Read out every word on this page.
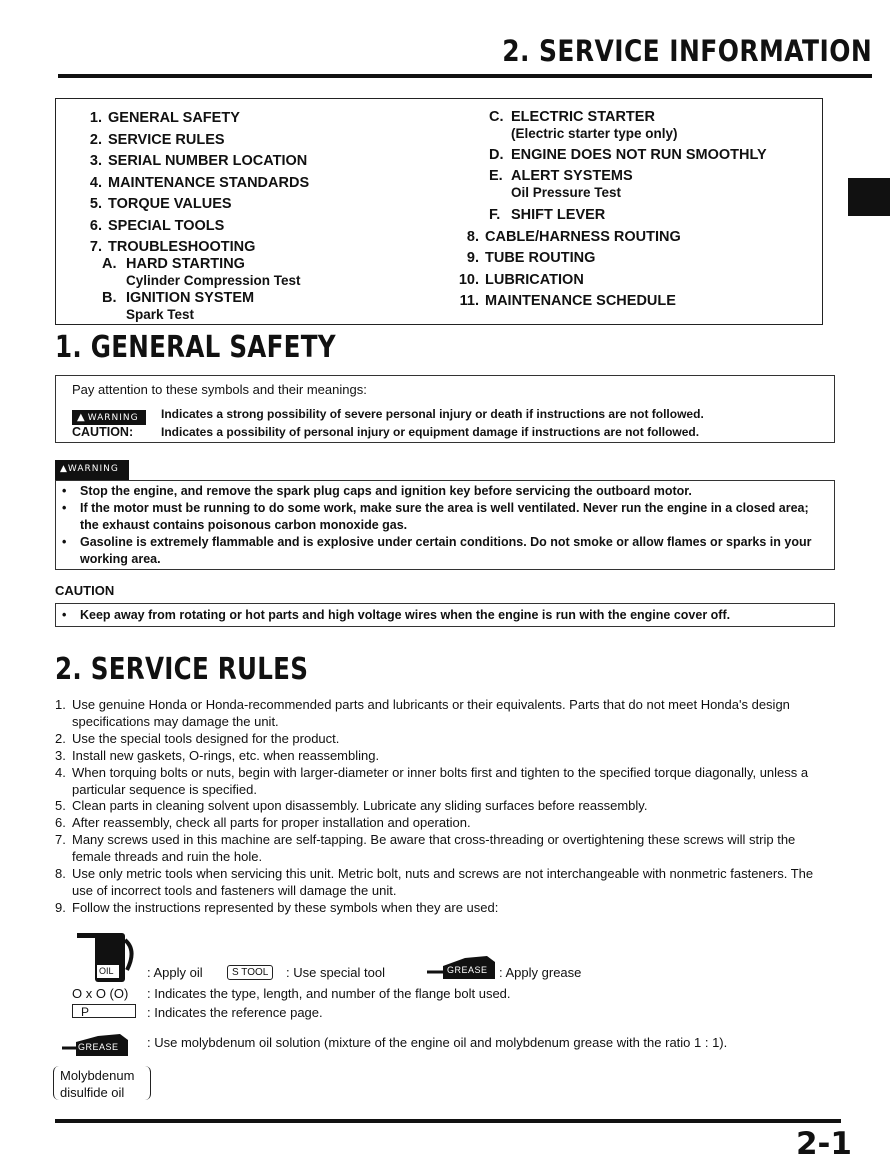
2. SERVICE INFORMATION
1. GENERAL SAFETY
2. SERVICE RULES
3. SERIAL NUMBER LOCATION
4. MAINTENANCE STANDARDS
5. TORQUE VALUES
6. SPECIAL TOOLS
7. TROUBLESHOOTING
A. HARD STARTING
Cylinder Compression Test
B. IGNITION SYSTEM
Spark Test
C. ELECTRIC STARTER
(Electric starter type only)
D. ENGINE DOES NOT RUN SMOOTHLY
E. ALERT SYSTEMS
Oil Pressure Test
F. SHIFT LEVER
8. CABLE/HARNESS ROUTING
9. TUBE ROUTING
10. LUBRICATION
11. MAINTENANCE SCHEDULE
1. GENERAL SAFETY
Pay attention to these symbols and their meanings:
▲ WARNING	Indicates a strong possibility of severe personal injury or death if instructions are not followed.
CAUTION: Indicates a possibility of personal injury or equipment damage if instructions are not followed.
▲WARNING
•	Stop the engine, and remove the spark plug caps and ignition key before servicing the outboard motor.
•	If the motor must be running to do some work, make sure the area is well ventilated. Never run the engine in a closed area; the exhaust contains poisonous carbon monoxide gas.
•	Gasoline is extremely flammable and is explosive under certain conditions. Do not smoke or allow flames or sparks in your working area.
CAUTION
• Keep away from rotating or hot parts and high voltage wires when the engine is run with the engine cover off.
2. SERVICE RULES
1. Use genuine Honda or Honda-recommended parts and lubricants or their equivalents. Parts that do not meet Honda's design specifications may damage the unit.
2. Use the special tools designed for the product.
3. Install new gaskets, O-rings, etc. when reassembling.
4. When torquing bolts or nuts, begin with larger-diameter or inner bolts first and tighten to the specified torque diagonally, unless a particular sequence is specified.
5. Clean parts in cleaning solvent upon disassembly. Lubricate any sliding surfaces before reassembly.
6. After reassembly, check all parts for proper installation and operation.
7. Many screws used in this machine are self-tapping. Be aware that cross-threading or overtightening these screws will strip the female threads and ruin the hole.
8. Use only metric tools when servicing this unit. Metric bolt, nuts and screws are not interchangeable with nonmetric fasteners. The use of incorrect tools and fasteners will damage the unit.
9. Follow the instructions represented by these symbols when they are used:
OIL	: Apply oil	S TOOL	: Use special tool	GREASE : Apply grease
O x O (O) : Indicates the type, length, and number of the flange bolt used.
P	: Indicates the reference page.
GREASE : Use molybdenum oil solution (mixture of the engine oil and molybdenum grease with the ratio 1 : 1).
Molybdenum
disulfide oil
2-1
